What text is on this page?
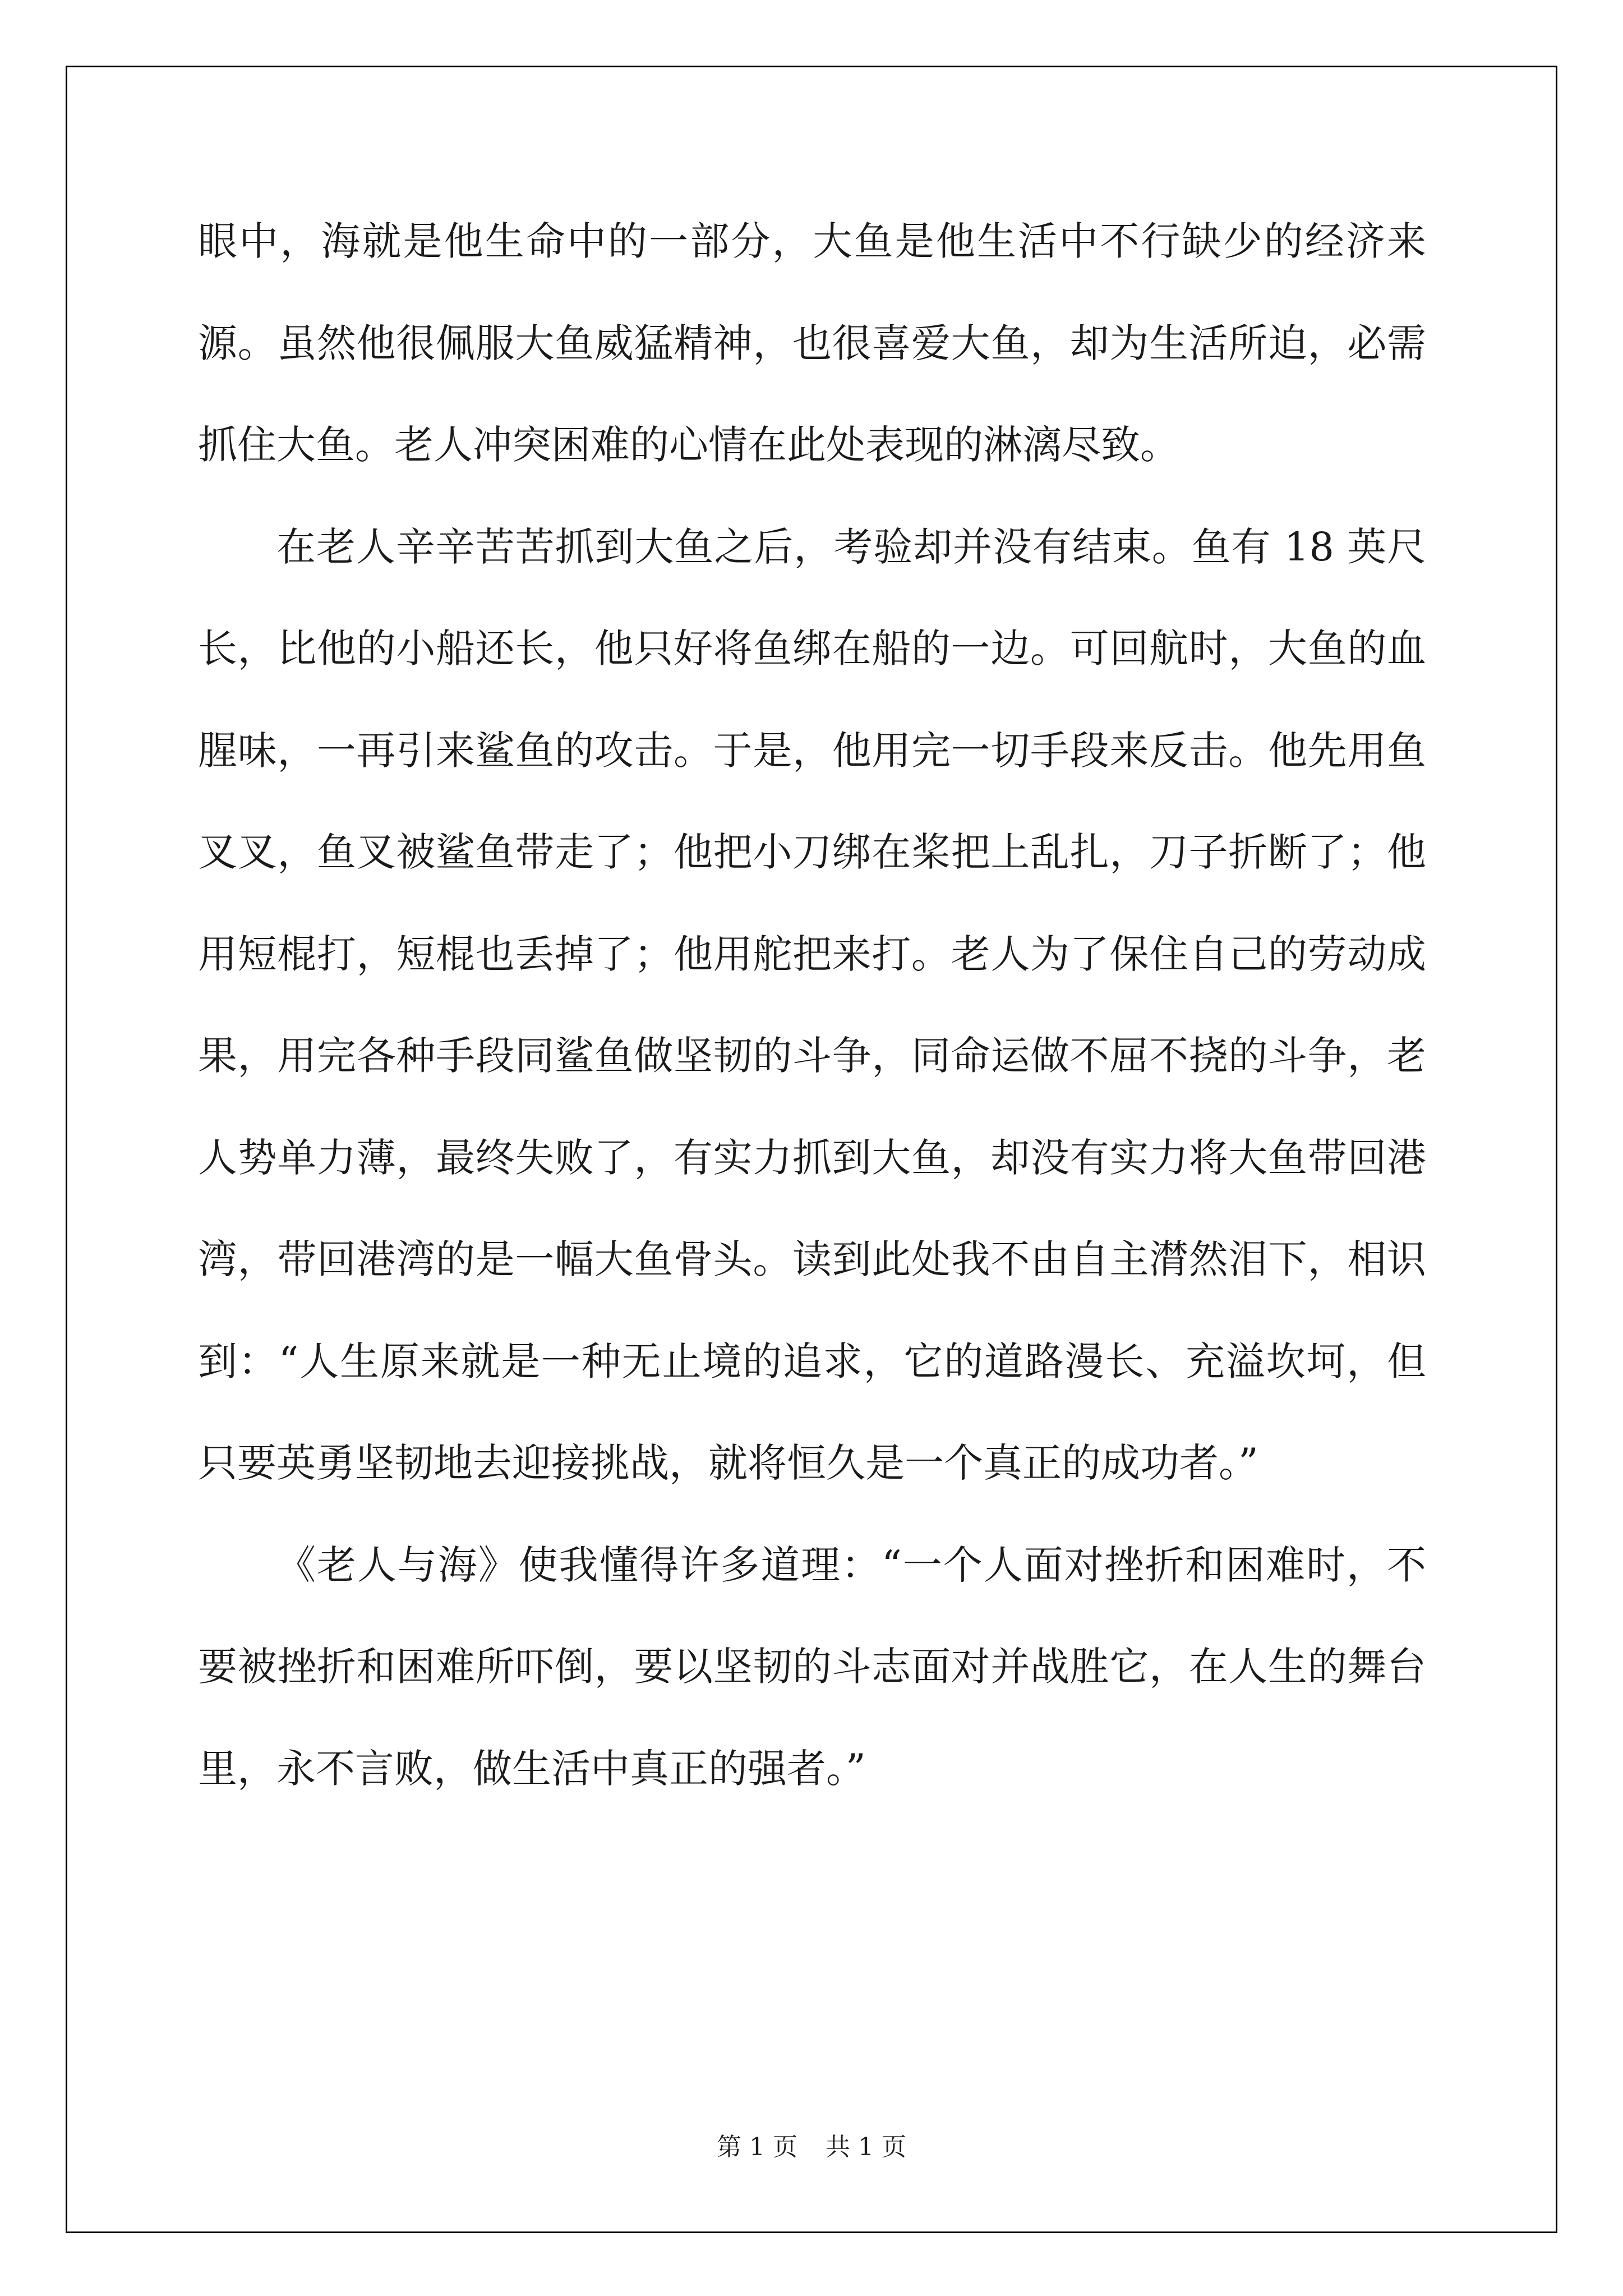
眼中，海就是他生命中的一部分，大鱼是他生活中不行缺少的经济来源。虽然他很佩服大鱼威猛精神，也很喜爱大鱼，却为生活所迫，必需抓住大鱼。老人冲突困难的心情在此处表现的淋漓尽致。

在老人辛辛苦苦抓到大鱼之后，考验却并没有结束。鱼有 18 英尺长，比他的小船还长，他只好将鱼绑在船的一边。可回航时，大鱼的血腥味，一再引来鲨鱼的攻击。于是，他用完一切手段来反击。他先用鱼叉叉，鱼叉被鲨鱼带走了；他把小刀绑在桨把上乱扎，刀子折断了；他用短棍打，短棍也丢掉了；他用舵把来打。老人为了保住自己的劳动成果，用完各种手段同鲨鱼做坚韧的斗争，同命运做不屈不挠的斗争，老人势单力薄，最终失败了，有实力抓到大鱼，却没有实力将大鱼带回港湾，带回港湾的是一幅大鱼骨头。读到此处我不由自主潸然泪下，相识到：“人生原来就是一种无止境的追求，它的道路漫长、充溢坎坷，但只要英勇坚韧地去迎接挑战，就将恒久是一个真正的成功者。”

《老人与海》使我懂得许多道理：“一个人面对挫折和困难时，不要被挫折和困难所吓倒，要以坚韧的斗志面对并战胜它，在人生的舞台里，永不言败，做生活中真正的强者。”

第 1 页 共 1 页
